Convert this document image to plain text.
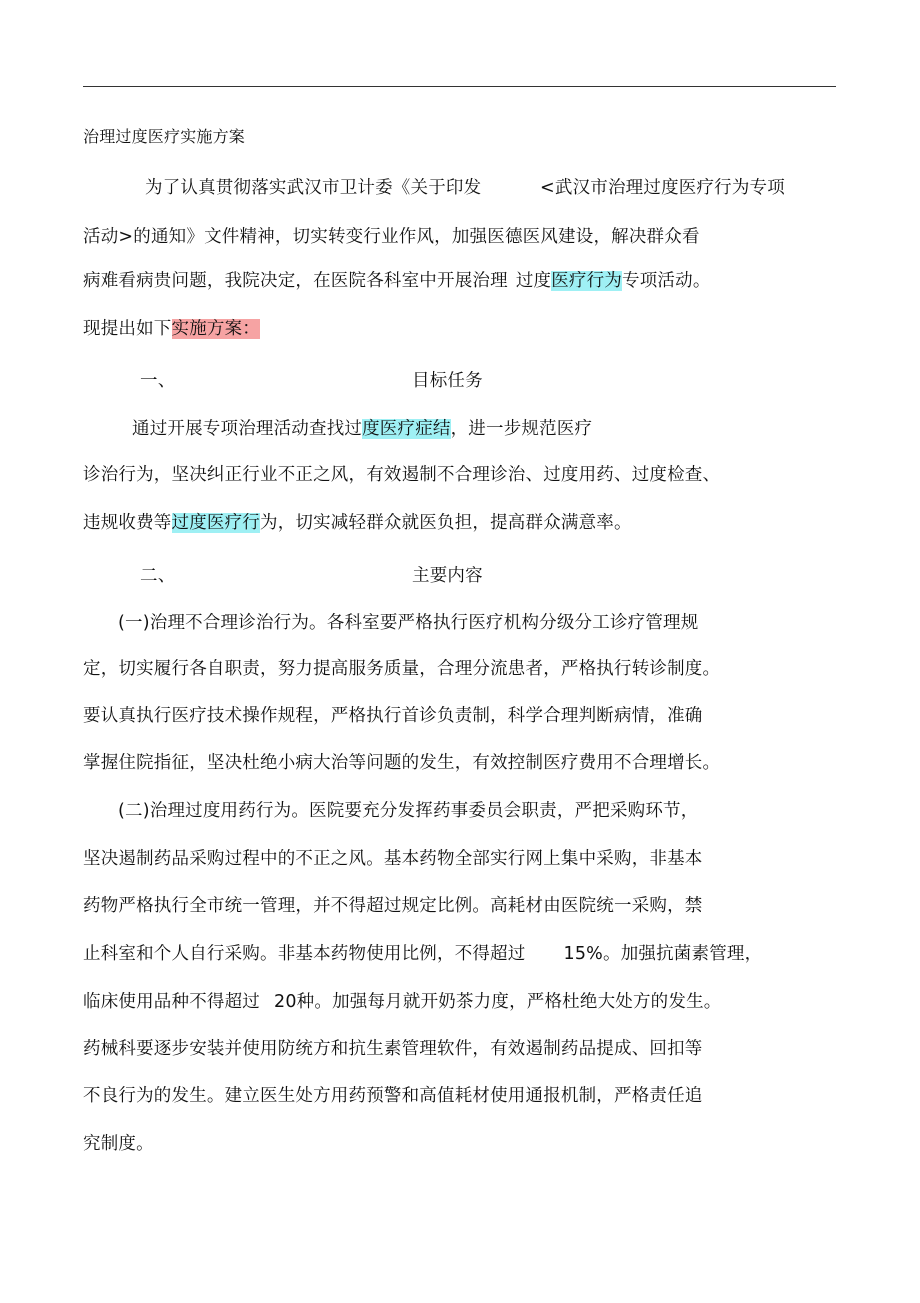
治理过度医疗实施方案
为了认真贯彻落实武汉市卫计委《关于印发	<武汉市治理过度医疗行为专项
活动>的通知》文件精神，切实转变行业作风，加强医德医风建设，解决群众看
病难看病贵问题，我院决定，在医院各科室中开展治理 过度医疗行为专项活动。
现提出如下实施方案：
一、	目标任务
通过开展专项治理活动查找过度医疗症结，进一步规范医疗
诊治行为，坚决纠正行业不正之风，有效遏制不合理诊治、过度用药、过度检查、
违规收费等过度医疗行为，切实减轻群众就医负担，提高群众满意率。
二、	主要内容
(一)治理不合理诊治行为。各科室要严格执行医疗机构分级分工诊疗管理规
定，切实履行各自职责，努力提高服务质量，合理分流患者，严格执行转诊制度。
要认真执行医疗技术操作规程，严格执行首诊负责制，科学合理判断病情，准确
掌握住院指征，坚决杜绝小病大治等问题的发生，有效控制医疗费用不合理增长。
(二)治理过度用药行为。医院要充分发挥药事委员会职责，严把采购环节，
坚决遏制药品采购过程中的不正之风。基本药物全部实行网上集中采购，非基本
药物严格执行全市统一管理，并不得超过规定比例。高耗材由医院统一采购，禁
止科室和个人自行采购。非基本药物使用比例，不得超过 15%。加强抗菌素管理，
临床使用品种不得超过 20种。加强每月就开奶茶力度，严格杜绝大处方的发生。
药械科要逐步安装并使用防统方和抗生素管理软件，有效遏制药品提成、回扣等
不良行为的发生。建立医生处方用药预警和高值耗材使用通报机制，严格责任追
究制度。
